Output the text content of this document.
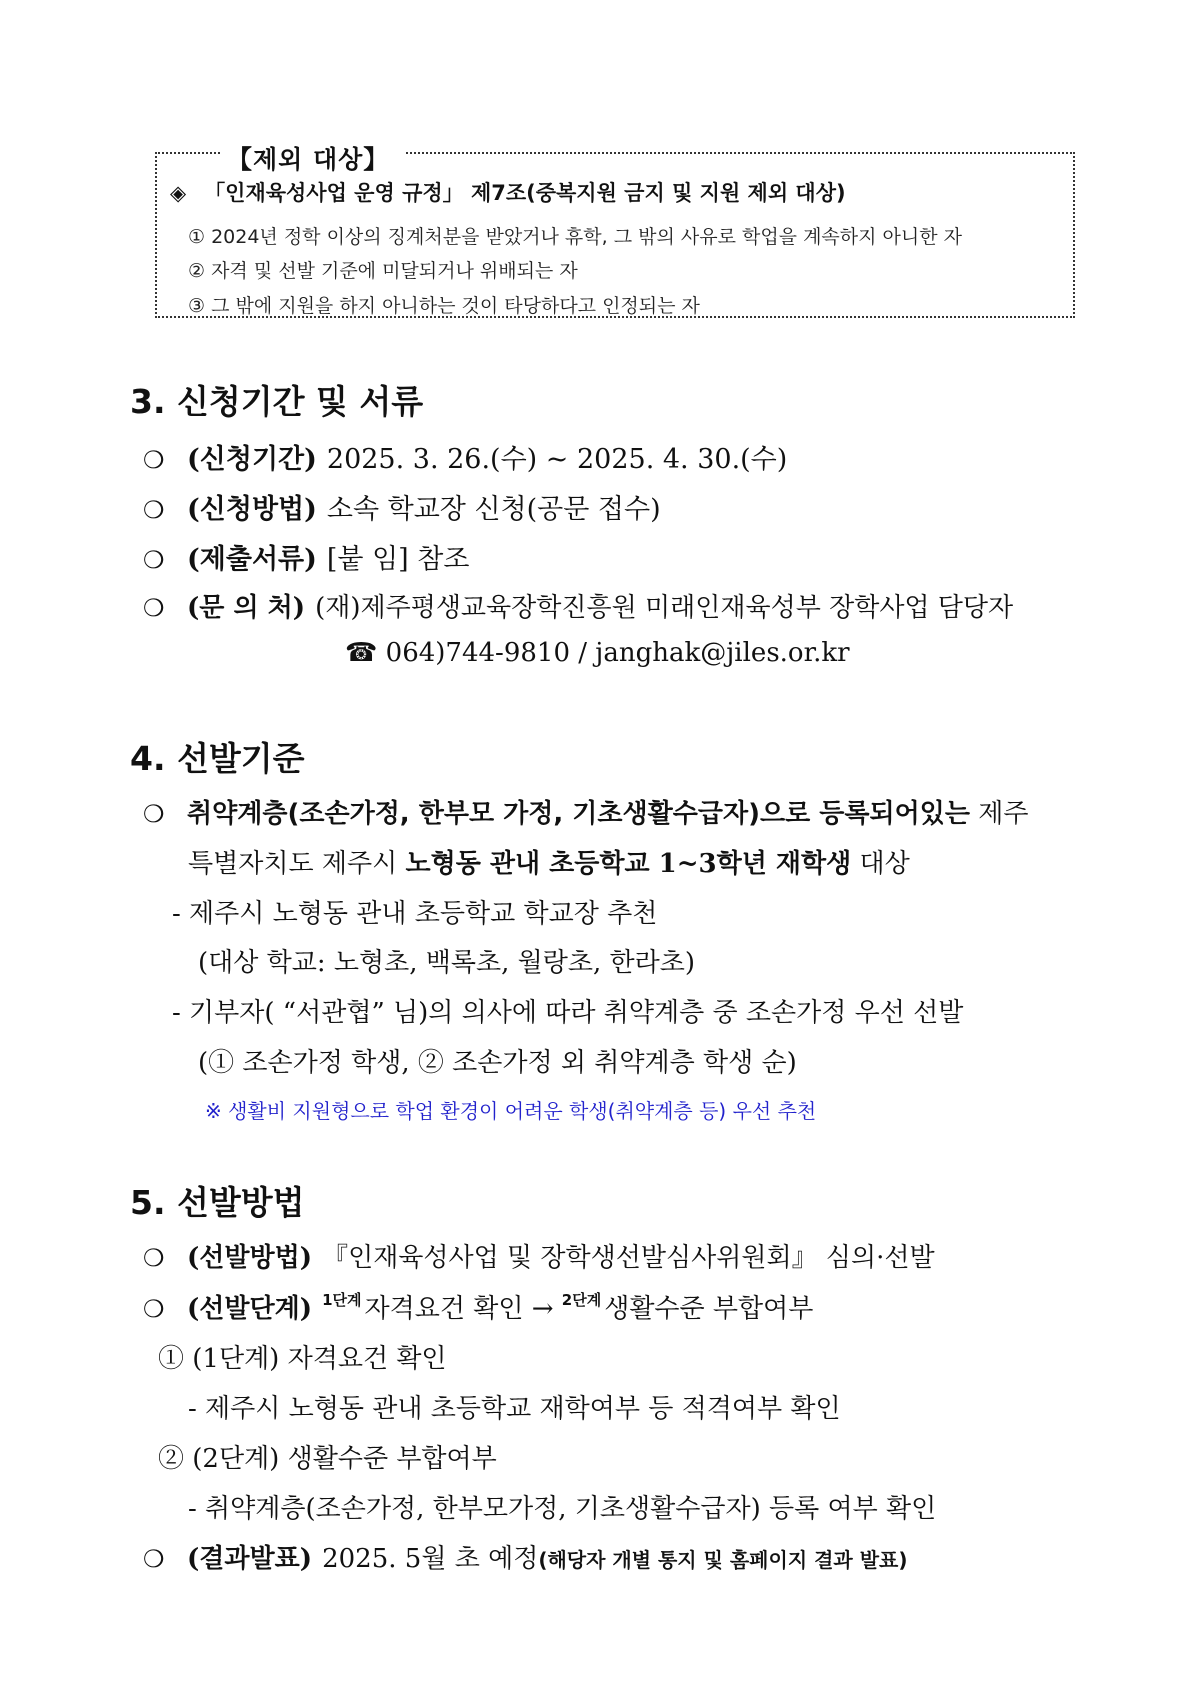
【제외 대상】
◈ 「인재육성사업 운영 규정」 제7조(중복지원 금지 및 지원 제외 대상)
① 2024년 정학 이상의 징계처분을 받았거나 휴학, 그 밖의 사유로 학업을 계속하지 아니한 자
② 자격 및 선발 기준에 미달되거나 위배되는 자
③ 그 밖에 지원을 하지 아니하는 것이 타당하다고 인정되는 자
3. 신청기간 및 서류
❍ (신청기간) 2025. 3. 26.(수) ~ 2025. 4. 30.(수)
❍ (신청방법) 소속 학교장 신청(공문 접수)
❍ (제출서류) [붙 임] 참조
❍ (문 의 처) (재)제주평생교육장학진흥원 미래인재육성부 장학사업 담당자
☎ 064)744-9810 / janghak@jiles.or.kr
4. 선발기준
❍ 취약계층(조손가정, 한부모 가정, 기초생활수급자)으로 등록되어있는 제주
특별자치도 제주시 노형동 관내 초등학교 1~3학년 재학생 대상
- 제주시 노형동 관내 초등학교 학교장 추천
(대상 학교: 노형초, 백록초, 월랑초, 한라초)
- 기부자( “서관협” 님)의 의사에 따라 취약계층 중 조손가정 우선 선발
(① 조손가정 학생, ② 조손가정 외 취약계층 학생 순)
※ 생활비 지원형으로 학업 환경이 어려운 학생(취약계층 등) 우선 추천
5. 선발방법
❍ (선발방법) 『인재육성사업 및 장학생선발심사위원회』 심의·선발
❍ (선발단계) $^{1단계}$ 자격요건 확인 → $^{2단계}$ 생활수준 부합여부
① (1단계) 자격요건 확인
- 제주시 노형동 관내 초등학교 재학여부 등 적격여부 확인
② (2단계) 생활수준 부합여부
- 취약계층(조손가정, 한부모가정, 기초생활수급자) 등록 여부 확인
❍ (결과발표) 2025. 5월 초 예정(해당자 개별 통지 및 홈페이지 결과 발표)
